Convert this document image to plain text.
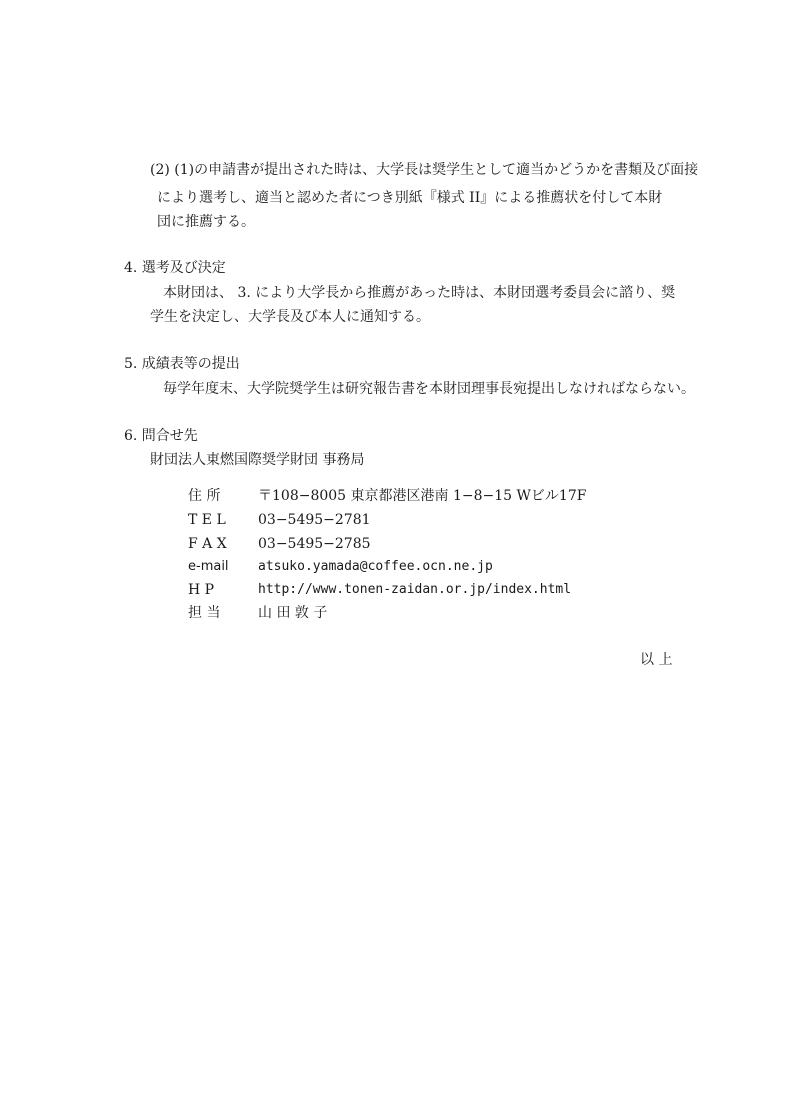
(2) (1)の申請書が提出された時は、大学長は奨学生として適当かどうかを書類及び面接
により選考し、適当と認めた者につき別紙『様式 II』による推薦状を付して本財
団に推薦する。
4. 選考及び決定
本財団は、 3. により大学長から推薦があった時は、本財団選考委員会に諮り、奨
学生を決定し、大学長及び本人に通知する。
5. 成績表等の提出
毎学年度末、大学院奨学生は研究報告書を本財団理事長宛提出しなければならない。
6. 問合せ先
財団法人東燃国際奨学財団 事務局
住 所	〒108−8005 東京都港区港南 1−8−15 Wビル17F
T E L 03−5495−2781
F A X 03−5495−2785
e-mail atsuko.yamada@coffee.ocn.ne.jp
H P	http://www.tonen-zaidan.or.jp/index.html
担 当	山 田 敦 子
以 上
